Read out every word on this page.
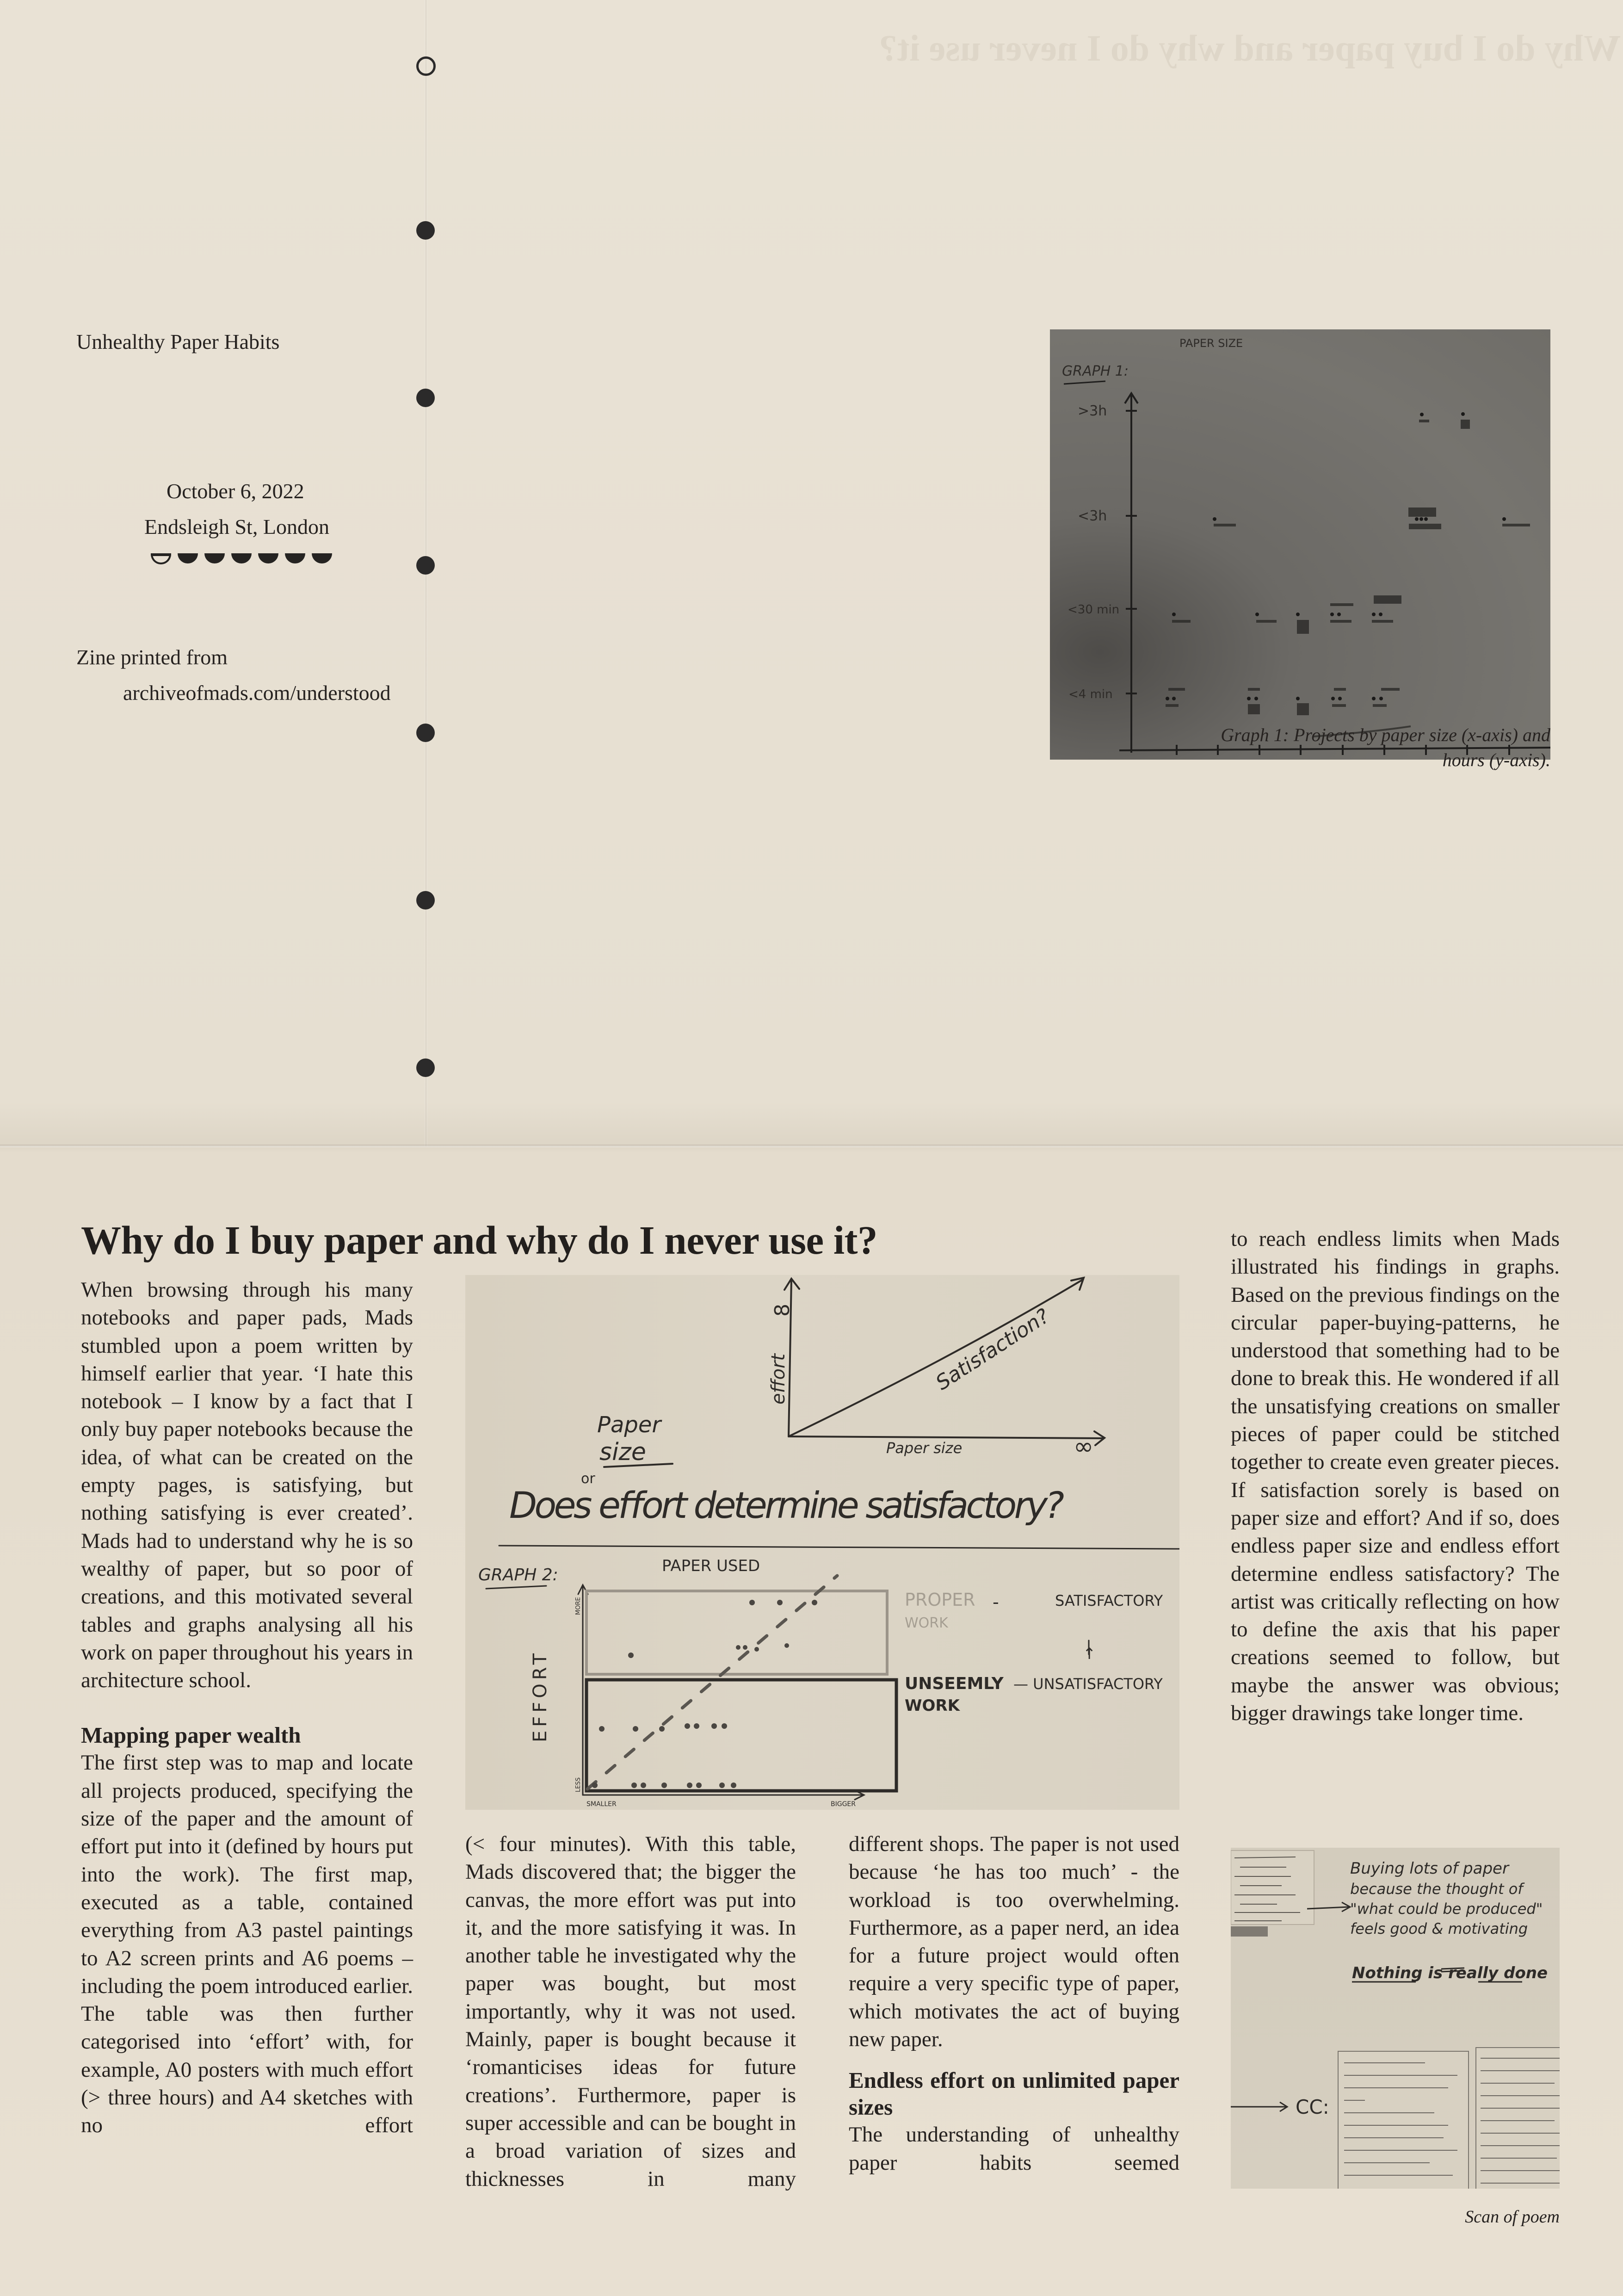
Why do I buy paper and why do I never use it?
Unhealthy Paper Habits
October 6, 2022
Endsleigh St, London
Zine printed from
archiveofmads.com/understood
GRAPH 1:
PAPER SIZE
>3h
<3h
<30 min
<4 min
Graph 1: Projects by paper size (x-axis) and
hours (y-axis).
Why do I buy paper and why do I never use it?

When browsing through his many notebooks and paper pads, Mads stumbled upon a poem written by himself earlier that year. ‘I hate this notebook – I know by a fact that I only buy paper notebooks because the idea, of what can be created on the empty pages, is satisfying, but nothing satisfying is ever created’. Mads had to understand why he is so wealthy of paper, but so poor of creations, and this motivated several tables and graphs analysing all his work on paper throughout his years in architecture school.

Mapping paper wealth

The first step was to map and locate all projects produced, specifying the size of the paper and the amount of effort put into it (defined by hours put into the work). The first map, executed as a table, contained everything from A3 pastel paintings to A2 screen prints and A6 poems – including the poem introduced earlier. The table was then further categorised into ‘effort’ with, for example, A0 posters with much effort (> three hours) and A4 sketches with no effort

(< four minutes). With this table, Mads discovered that; the bigger the canvas, the more effort was put into it, and the more satisfying it was. In another table he investigated why the paper was bought, but most importantly, why it was not used. Mainly, paper is bought because it ‘romanticises ideas for future creations’. Furthermore, paper is super accessible and can be bought in a broad variation of sizes and thicknesses in many

different shops. The paper is not used because ‘he has too much’ - the workload is too overwhelming. Furthermore, as a paper nerd, an idea for a future project would often require a very specific type of paper, which motivates the act of buying new paper.

Endless effort on unlimited paper sizes

The understanding of unhealthy paper habits seemed

to reach endless limits when Mads illustrated his findings in graphs. Based on the previous findings on the circular paper-buying-patterns, he understood that something had to be done to break this. He wondered if all the unsatisfying creations on smaller pieces of paper could be stitched together to create even greater pieces. If satisfaction sorely is based on paper size and effort? And if so, does endless paper size and endless effort determine endless satisfactory? The artist was critically reflecting on how to define the axis that his paper creations seemed to follow, but maybe the answer was obvious; bigger drawings take longer time.

8
effort	Satisfaction?
Paper size	∞
Paper
size
or
Does effort determine satisfactory?
GRAPH 2:	PAPER USED
EFFORT
MORE
LESS
SMALLER	BIGGER
PROPER
WORK
-	SATISFACTORY
↑
UNSEEMLY
WORK
— UNSATISFACTORY
Buying lots of paper
because the thought of
"what could be produced"
feels good & motivating
Nothing is really done
CC:
Scan of poem
